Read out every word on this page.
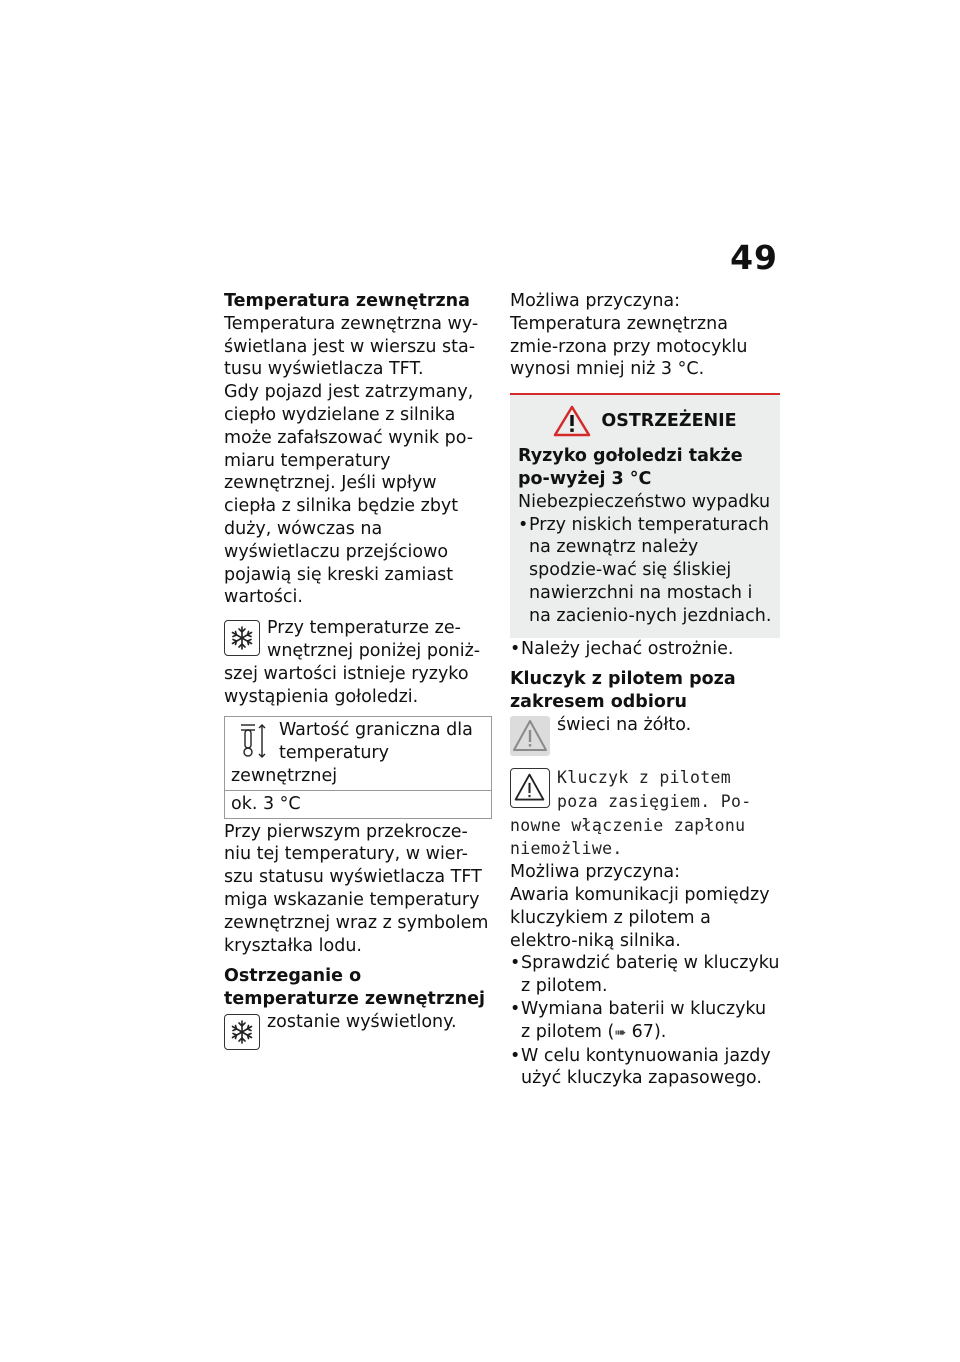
49

Temperatura zewnętrzna

Temperatura zewnętrzna wy-świetlana jest w wierszu sta-tusu wyświetlacza TFT.

Gdy pojazd jest zatrzymany, ciepło wydzielane z silnika może zafałszować wynik po-miaru temperatury zewnętrznej. Jeśli wpływ ciepła z silnika będzie zbyt duży, wówczas na wyświetlaczu przejściowo pojawią się kreski zamiast wartości.

Przy temperaturze ze-wnętrznej poniżej poniż-szej wartości istnieje ryzyko wystąpienia gołoledzi.
Wartość graniczna dla temperatury zewnętrznej
ok. 3 °C

Przy pierwszym przekrocze-niu tej temperatury, w wier-szu statusu wyświetlacza TFT miga wskazanie temperatury zewnętrznej wraz z symbolem kryształka lodu.

Ostrzeganie o temperaturze zewnętrznej

zostanie wyświetlony.

Możliwa przyczyna:

Temperatura zewnętrzna zmie-rzona przy motocyklu wynosi mniej niż 3 °C.

OSTRZEŻENIE

Ryzyko gołoledzi także po-wyżej 3 °C

Niebezpieczeństwo wypadku

• Przy niskich temperaturach na zewnątrz należy spodzie-wać się śliskiej nawierzchni na mostach i na zacienio-nych jezdniach.
• Należy jechać ostrożnie.

Kluczyk z pilotem poza zakresem odbioru

świeci na żółto.
Kluczyk z pilotem poza zasięgiem. Po-nowne włączenie zapłonu niemożliwe.

Możliwa przyczyna:

Awaria komunikacji pomiędzy kluczykiem z pilotem a elektro-niką silnika.

• Sprawdzić baterię w kluczyku z pilotem.
• Wymiana baterii w kluczyku z pilotem (➠ 67).
• W celu kontynuowania jazdy użyć kluczyka zapasowego.
